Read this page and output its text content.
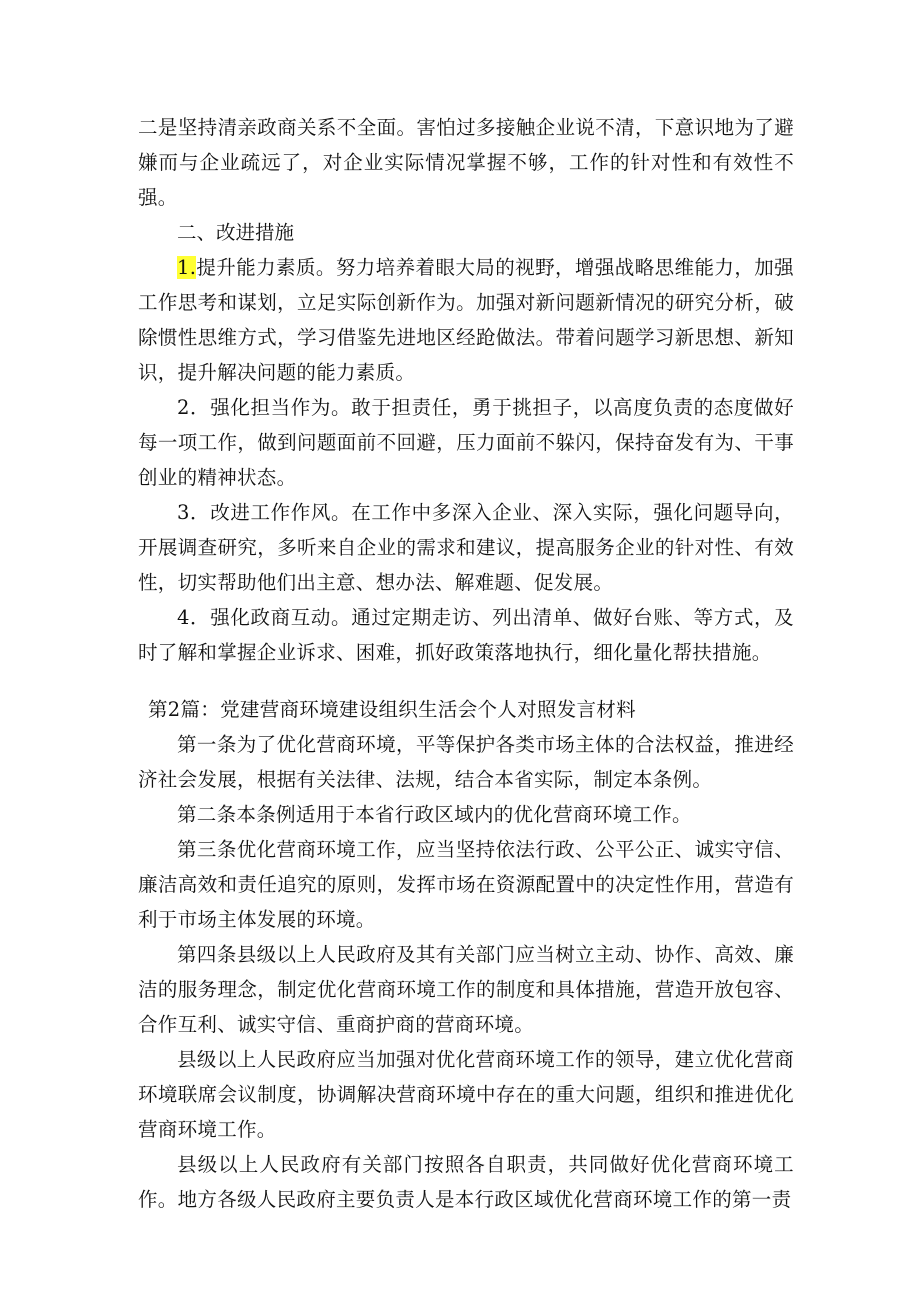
二是坚持清亲政商关系不全面。害怕过多接触企业说不清，下意识地为了避嫌而与企业疏远了，对企业实际情况掌握不够，工作的针对性和有效性不强。

二、改进措施

1.提升能力素质。努力培养着眼大局的视野，增强战略思维能力，加强工作思考和谋划，立足实际创新作为。加强对新问题新情况的研究分析，破除惯性思维方式，学习借鉴先进地区经跄做法。带着问题学习新思想、新知识，提升解决问题的能力素质。

2．强化担当作为。敢于担责任，勇于挑担子，以高度负责的态度做好每一项工作，做到问题面前不回避，压力面前不躲闪，保持奋发有为、干事创业的精神状态。

3．改进工作作风。在工作中多深入企业、深入实际，强化问题导向，开展调查研究，多听来自企业的需求和建议，提高服务企业的针对性、有效性，切实帮助他们出主意、想办法、解难题、促发展。

4．强化政商互动。通过定期走访、列出清单、做好台账、等方式，及时了解和掌握企业诉求、困难，抓好政策落地执行，细化量化帮扶措施。

第2篇：党建营商环境建设组织生活会个人对照发言材料

第一条为了优化营商环境，平等保护各类市场主体的合法权益，推进经济社会发展，根据有关法律、法规，结合本省实际，制定本条例。

第二条本条例适用于本省行政区域内的优化营商环境工作。

第三条优化营商环境工作，应当坚持依法行政、公平公正、诚实守信、廉洁高效和责任追究的原则，发挥市场在资源配置中的决定性作用，营造有利于市场主体发展的环境。

第四条县级以上人民政府及其有关部门应当树立主动、协作、高效、廉洁的服务理念，制定优化营商环境工作的制度和具体措施，营造开放包容、合作互利、诚实守信、重商护商的营商环境。

县级以上人民政府应当加强对优化营商环境工作的领导，建立优化营商环境联席会议制度，协调解决营商环境中存在的重大问题，组织和推进优化营商环境工作。

县级以上人民政府有关部门按照各自职责，共同做好优化营商环境工作。地方各级人民政府主要负责人是本行政区域优化营商环境工作的第一责
